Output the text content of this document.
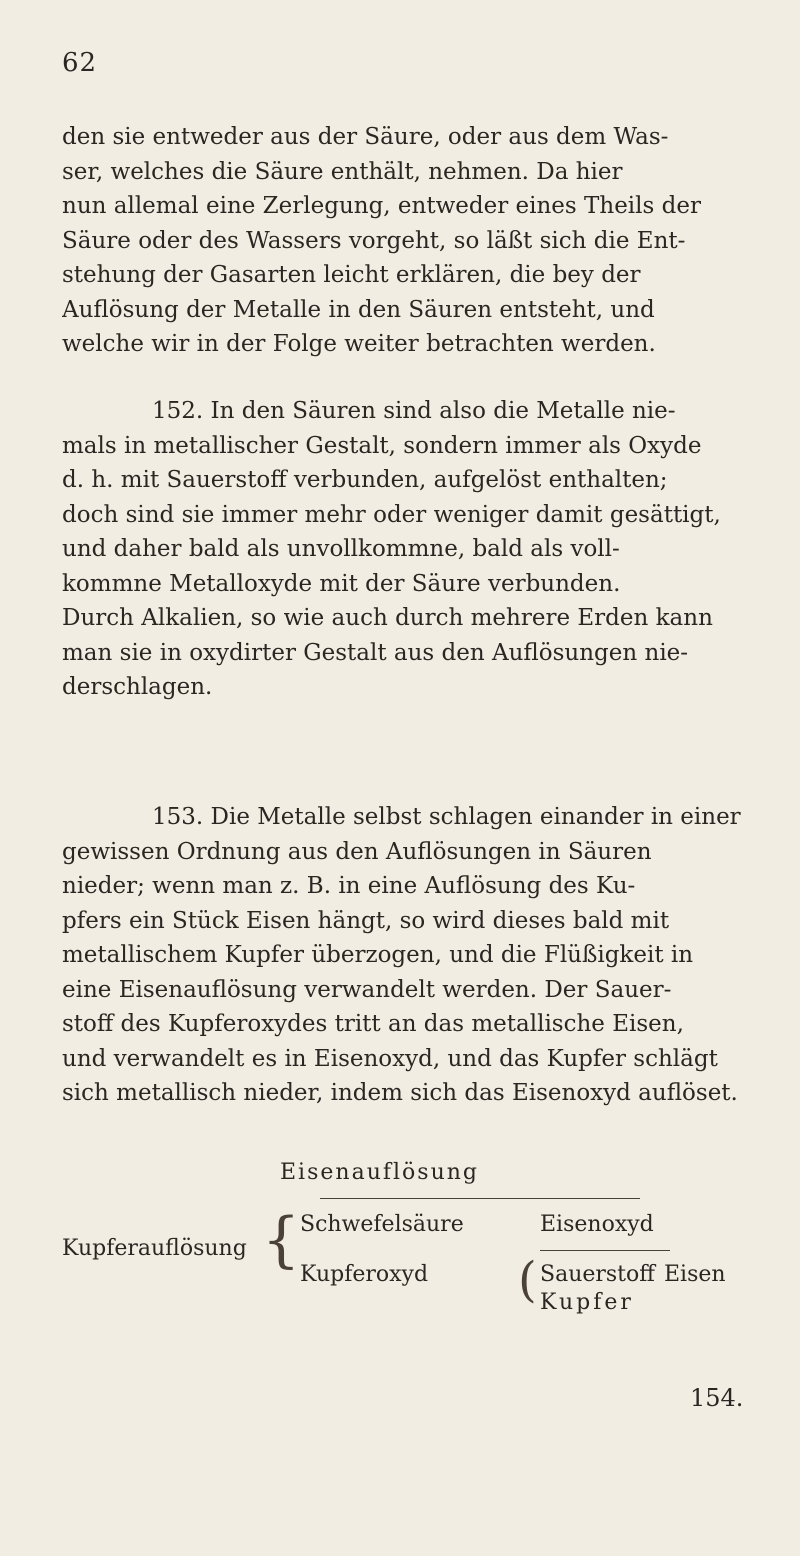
62
den sie entweder aus der Säure, oder aus dem Was-
ser, welches die Säure enthält, nehmen. Da hier
nun allemal eine Zerlegung, entweder eines Theils der
Säure oder des Wassers vorgeht, so läßt sich die Ent-
stehung der Gasarten leicht erklären, die bey der
Auflösung der Metalle in den Säuren entsteht, und
welche wir in der Folge weiter betrachten werden.
152. In den Säuren sind also die Metalle nie-
mals in metallischer Gestalt, sondern immer als Oxyde
d. h. mit Sauerstoff verbunden, aufgelöst enthalten;
doch sind sie immer mehr oder weniger damit gesättigt,
und daher bald als unvollkommne, bald als voll-
kommne Metalloxyde mit der Säure verbunden.
Durch Alkalien, so wie auch durch mehrere Erden kann
man sie in oxydirter Gestalt aus den Auflösungen nie-
derschlagen.
153. Die Metalle selbst schlagen einander in einer
gewissen Ordnung aus den Auflösungen in Säuren
nieder; wenn man z. B. in eine Auflösung des Ku-
pfers ein Stück Eisen hängt, so wird dieses bald mit
metallischem Kupfer überzogen, und die Flüßigkeit in
eine Eisenauflösung verwandelt werden. Der Sauer-
stoff des Kupferoxydes tritt an das metallische Eisen,
und verwandelt es in Eisenoxyd, und das Kupfer schlägt
sich metallisch nieder, indem sich das Eisenoxyd auflöset.
Eisenauflösung
Schwefelsäure	Eisenoxyd
Kupferauflösung { Kupferoxyd ( Sauerstoff Eisen
Kupfer
154.
